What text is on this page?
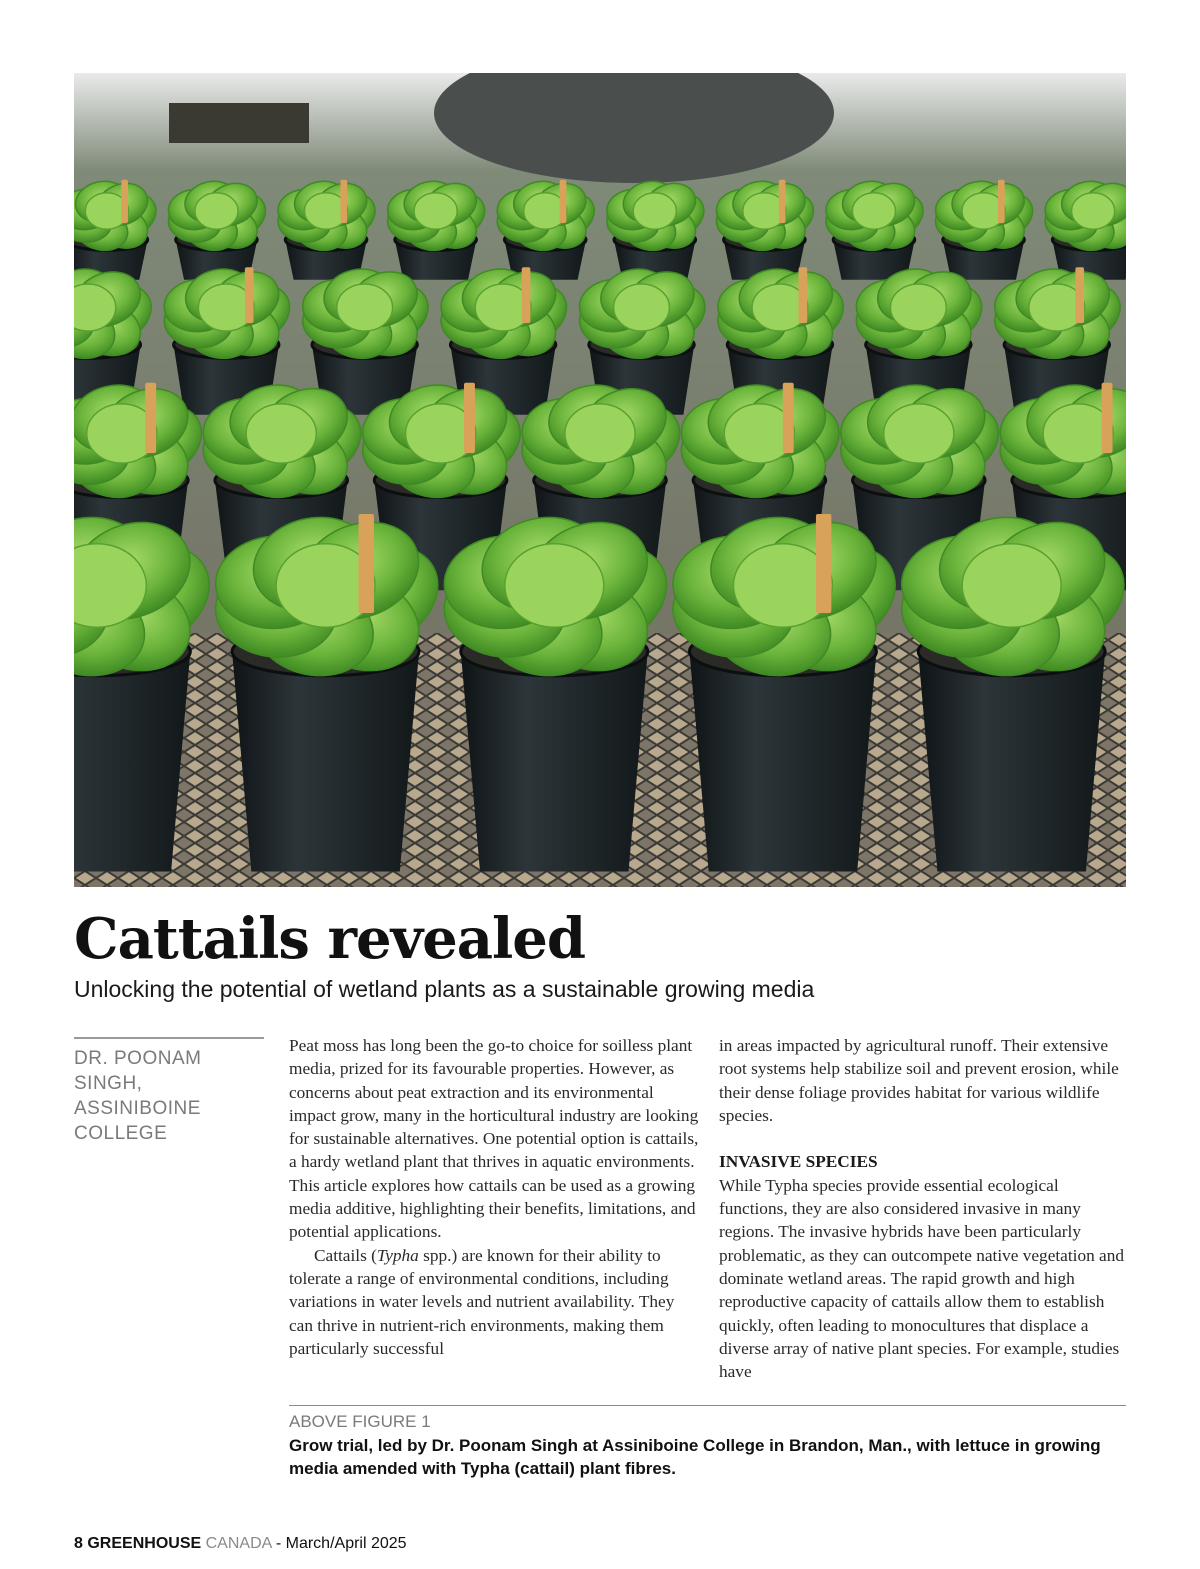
Cattails revealed

Unlocking the potential of wetland plants as a sustainable growing media

DR. POONAM
SINGH,
ASSINIBOINE
COLLEGE

Peat moss has long been the go-to choice for soilless plant media, prized for its favourable properties. However, as concerns about peat extraction and its environmental impact grow, many in the horticultural industry are looking for sustainable alternatives. One potential option is cattails, a hardy wetland plant that thrives in aquatic environments. This article explores how cattails can be used as a growing media additive, highlighting their benefits, limitations, and potential applications.

Cattails (Typha spp.) are known for their ability to tolerate a range of environmental conditions, including variations in water levels and nutrient availability. They can thrive in nutrient-rich environments, making them particularly successful

in areas impacted by agricultural runoff. Their extensive root systems help stabilize soil and prevent erosion, while their dense foliage provides habitat for various wildlife species.

INVASIVE SPECIES

While Typha species provide essential ecological functions, they are also considered invasive in many regions. The invasive hybrids have been particularly problematic, as they can outcompete native vegetation and dominate wetland areas. The rapid growth and high reproductive capacity of cattails allow them to establish quickly, often leading to monocultures that displace a diverse array of native plant species. For example, studies have

ABOVE FIGURE 1

Grow trial, led by Dr. Poonam Singh at Assiniboine College in Brandon, Man., with lettuce in growing media amended with Typha (cattail) plant fibres.

8 GREENHOUSE CANADA - March/April 2025
